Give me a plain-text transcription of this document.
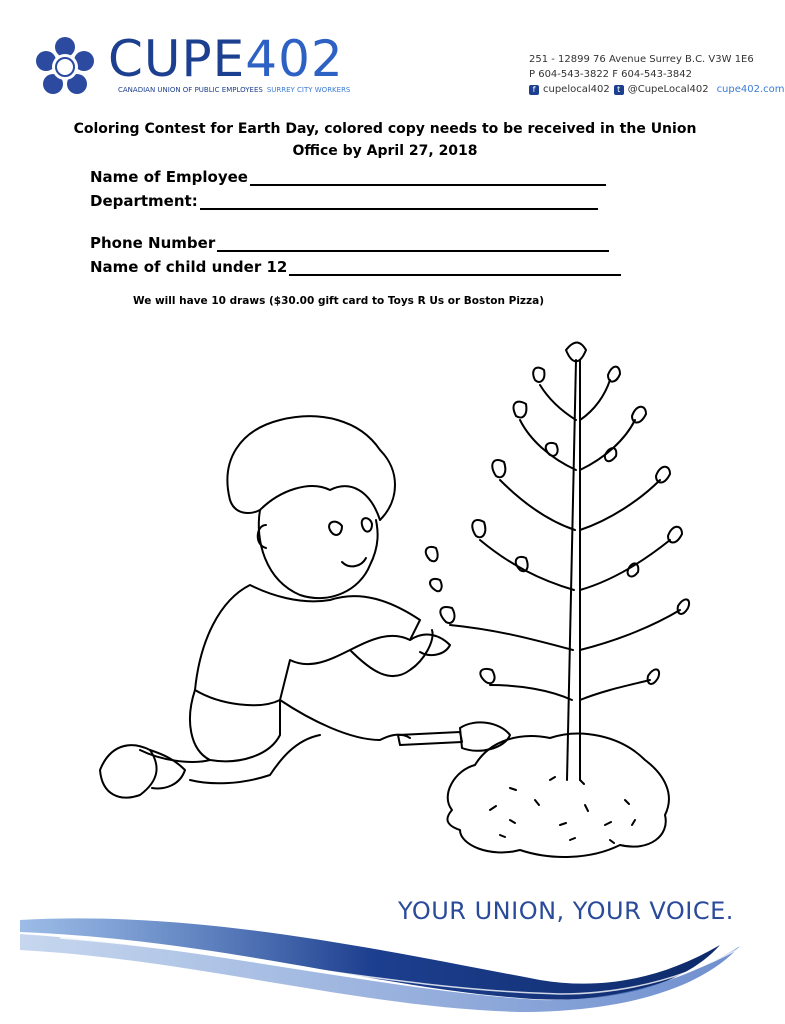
CUPE402
CANADIAN UNION OF PUBLIC EMPLOYEES SURREY CITY WORKERS
251 - 12899 76 Avenue Surrey B.C. V3W 1E6
P 604-543-3822 F 604-543-3842
f cupelocal402 t @CupeLocal402 cupe402.com
Coloring Contest for Earth Day, colored copy needs to be received in the Union
Office by April 27, 2018
Name of Employee
Department:
Phone Number
Name of child under 12
We will have 10 draws ($30.00 gift card to Toys R Us or Boston Pizza)
YOUR UNION, YOUR VOICE.
